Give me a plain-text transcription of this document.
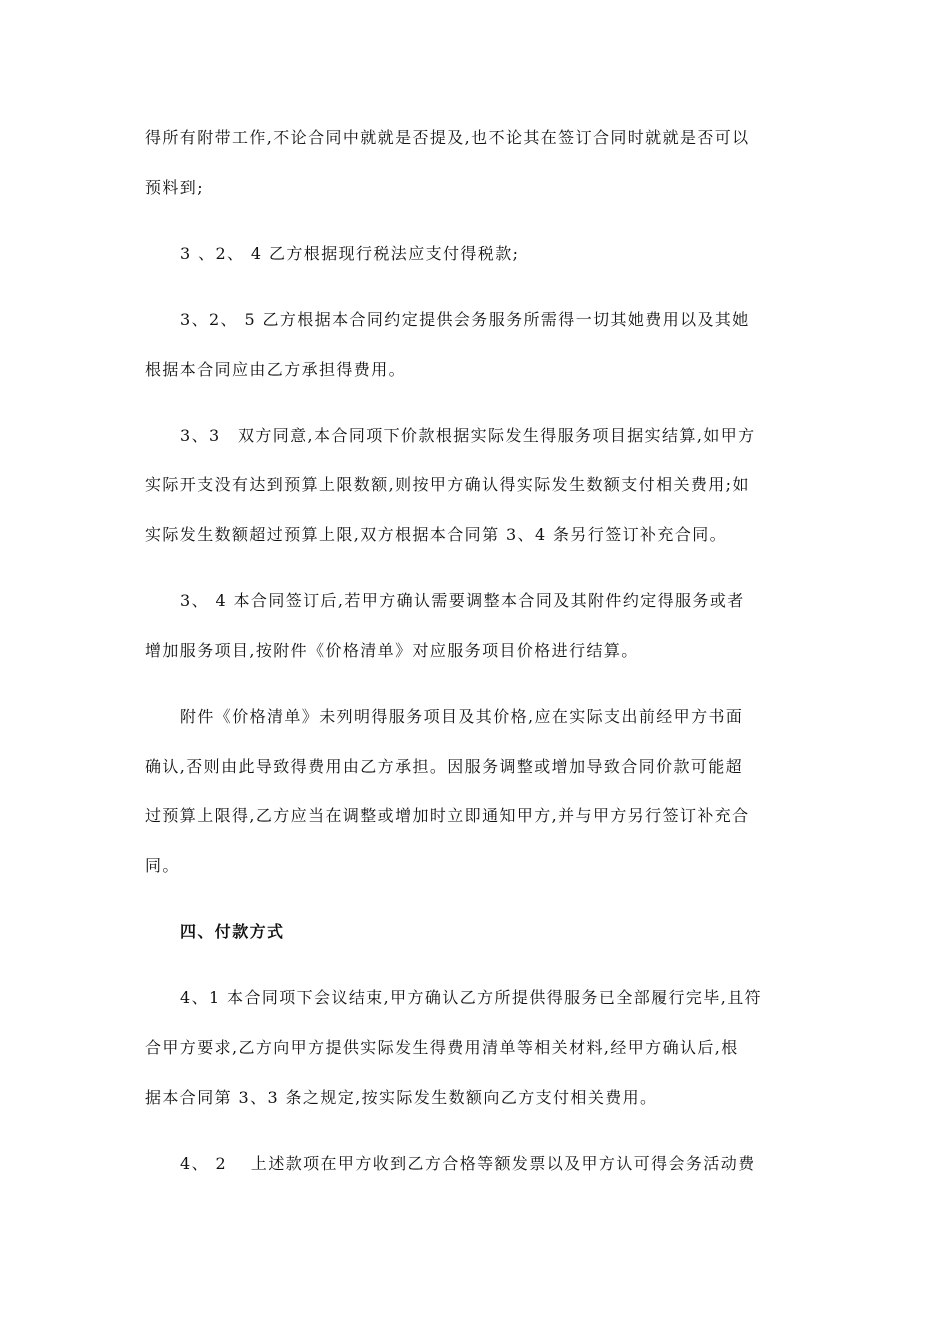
得所有附带工作,不论合同中就就是否提及,也不论其在签订合同时就就是否可以
预料到;
3 、2、 4 乙方根据现行税法应支付得税款;
3、2、 5 乙方根据本合同约定提供会务服务所需得一切其她费用以及其她
根据本合同应由乙方承担得费用。
3、3　双方同意,本合同项下价款根据实际发生得服务项目据实结算,如甲方
实际开支没有达到预算上限数额,则按甲方确认得实际发生数额支付相关费用;如
实际发生数额超过预算上限,双方根据本合同第 3、4 条另行签订补充合同。
3、 4 本合同签订后,若甲方确认需要调整本合同及其附件约定得服务或者
增加服务项目,按附件《价格清单》对应服务项目价格进行结算。
附件《价格清单》未列明得服务项目及其价格,应在实际支出前经甲方书面
确认,否则由此导致得费用由乙方承担。因服务调整或增加导致合同价款可能超
过预算上限得,乙方应当在调整或增加时立即通知甲方,并与甲方另行签订补充合
同。
四、付款方式
4、1 本合同项下会议结束,甲方确认乙方所提供得服务已全部履行完毕,且符
合甲方要求,乙方向甲方提供实际发生得费用清单等相关材料,经甲方确认后,根
据本合同第 3、3 条之规定,按实际发生数额向乙方支付相关费用。
4、 2　 上述款项在甲方收到乙方合格等额发票以及甲方认可得会务活动费
